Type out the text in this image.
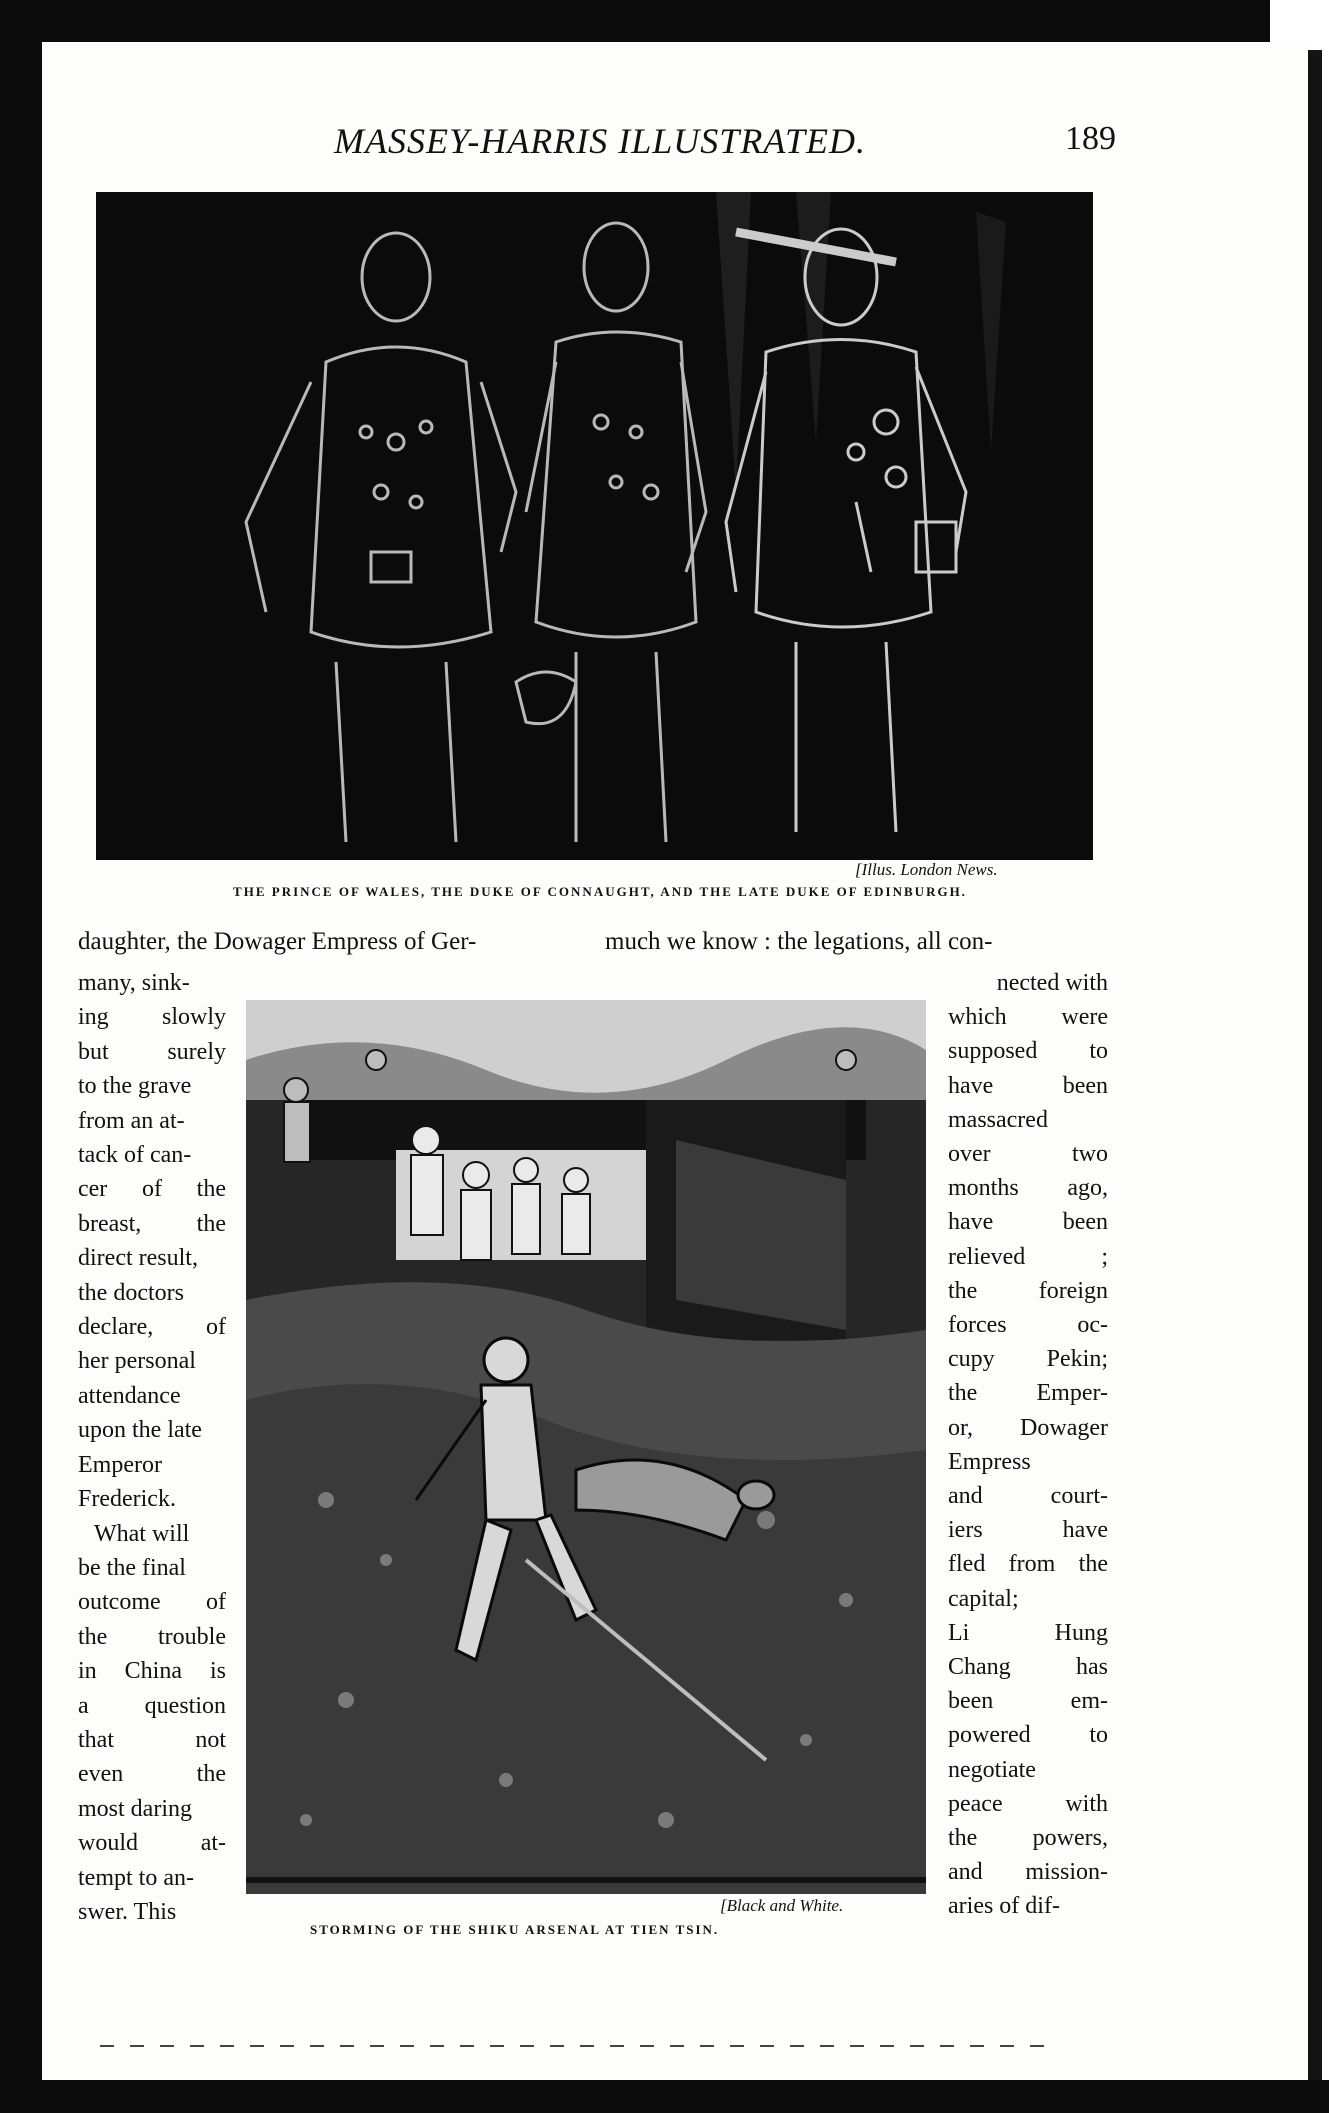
MASSEY-HARRIS ILLUSTRATED.	189
[Illus. London News.
THE PRINCE OF WALES, THE DUKE OF CONNAUGHT, AND THE LATE DUKE OF EDINBURGH.
daughter, the Dowager Empress of Ger-	much we know : the legations, all con-
many, sink-
ing slowly
but surely
to the grave
from an at-
tack of can-
cer of the
breast, the
direct result,
the doctors
declare, of
her personal
attendance
upon the late
Emperor
Frederick.
What will
be the final
outcome of
the trouble
in China is
a question
that not
even the
most daring
would at-
tempt to an-
swer. This
nected with
which were
supposed to
have been
massacred
over two
months ago,
have been
relieved ;
the foreign
forces oc-
cupy Pekin;
the Emper-
or, Dowager
Empress
and court-
iers have
fled from the
capital;
Li Hung
Chang has
been em-
powered to
negotiate
peace with
the powers,
and mission-
aries of dif-
[Black and White.
STORMING OF THE SHIKU ARSENAL AT TIEN TSIN.
